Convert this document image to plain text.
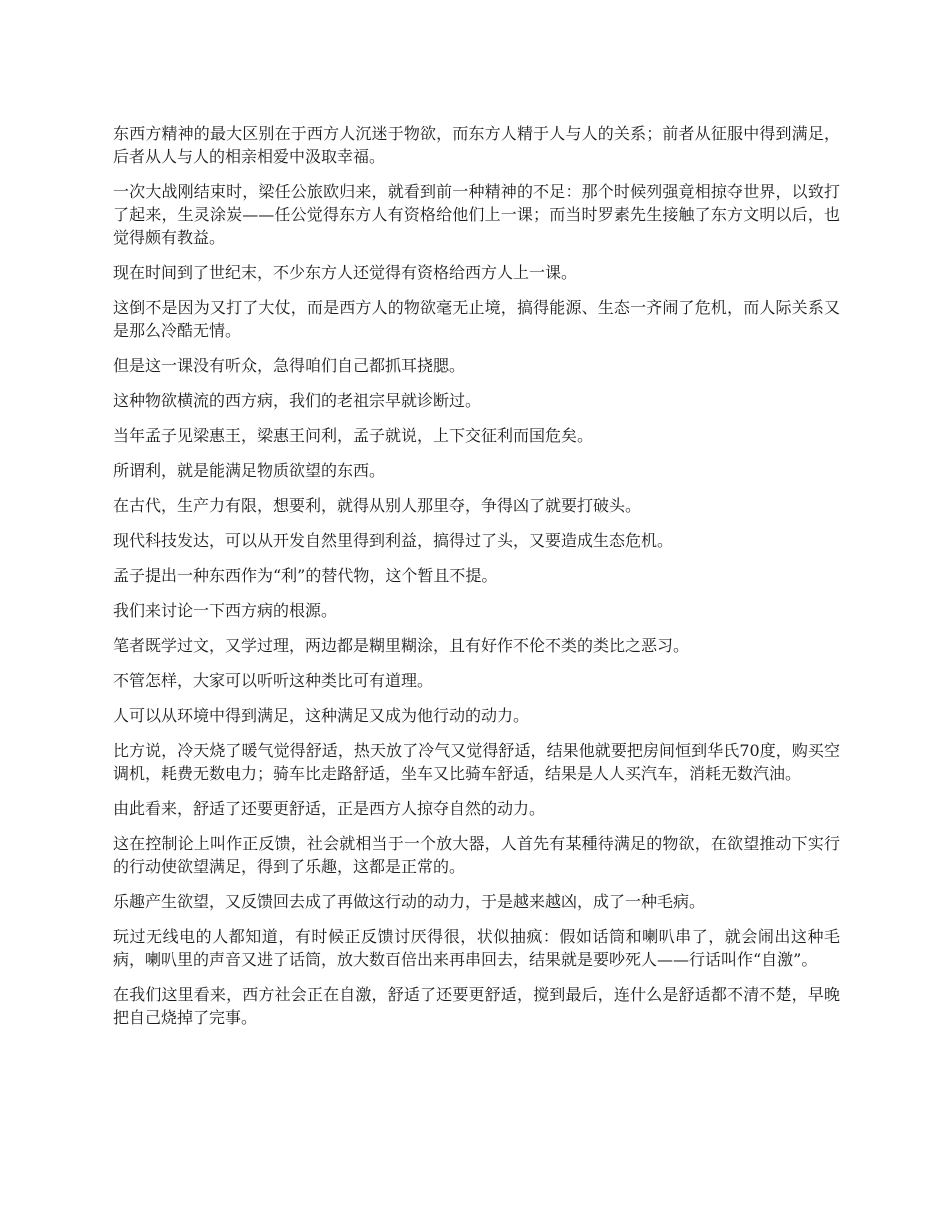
东西方精神的最大区别在于西方人沉迷于物欲，而东方人精于人与人的关系；前者从征服中得到满足，后者从人与人的相亲相爱中汲取幸福。

一次大战刚结束时，梁任公旅欧归来，就看到前一种精神的不足：那个时候列强竟相掠夺世界，以致打了起来，生灵涂炭——任公觉得东方人有资格给他们上一课；而当时罗素先生接触了东方文明以后，也觉得颇有教益。

现在时间到了世纪末，不少东方人还觉得有资格给西方人上一课。

这倒不是因为又打了大仗，而是西方人的物欲毫无止境，搞得能源、生态一齐闹了危机，而人际关系又是那么冷酷无情。

但是这一课没有听众，急得咱们自己都抓耳挠腮。

这种物欲横流的西方病，我们的老祖宗早就诊断过。

当年孟子见梁惠王，梁惠王问利，孟子就说，上下交征利而国危矣。

所谓利，就是能满足物质欲望的东西。

在古代，生产力有限，想要利，就得从别人那里夺，争得凶了就要打破头。

现代科技发达，可以从开发自然里得到利益，搞得过了头，又要造成生态危机。

孟子提出一种东西作为“利”的替代物，这个暂且不提。

我们来讨论一下西方病的根源。

笔者既学过文，又学过理，两边都是糊里糊涂，且有好作不伦不类的类比之恶习。

不管怎样，大家可以听听这种类比可有道理。

人可以从环境中得到满足，这种满足又成为他行动的动力。

比方说，冷天烧了暖气觉得舒适，热天放了冷气又觉得舒适，结果他就要把房间恒到华氏70度，购买空调机，耗费无数电力；骑车比走路舒适，坐车又比骑车舒适，结果是人人买汽车，消耗无数汽油。

由此看来，舒适了还要更舒适，正是西方人掠夺自然的动力。

这在控制论上叫作正反馈，社会就相当于一个放大器，人首先有某種待满足的物欲，在欲望推动下实行的行动使欲望满足，得到了乐趣，这都是正常的。

乐趣产生欲望，又反馈回去成了再做这行动的动力，于是越来越凶，成了一种毛病。

玩过无线电的人都知道，有时候正反馈讨厌得很，状似抽疯：假如话筒和喇叭串了，就会闹出这种毛病，喇叭里的声音又进了话筒，放大数百倍出来再串回去，结果就是要吵死人——行话叫作“自激”。

在我们这里看来，西方社会正在自激，舒适了还要更舒适，搅到最后，连什么是舒适都不清不楚，早晚把自己烧掉了完事。
